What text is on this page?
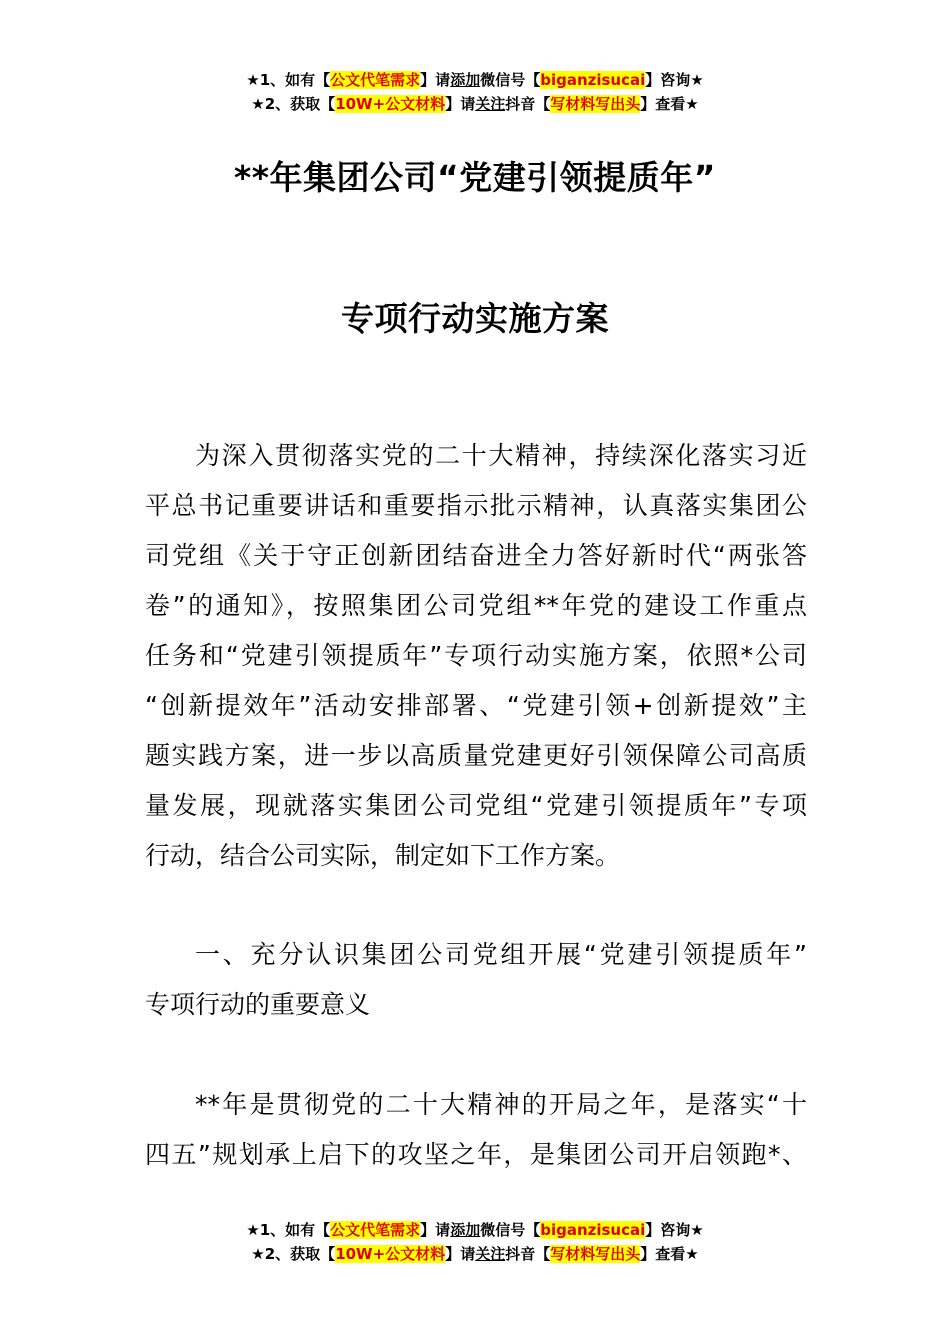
★1、如有【公文代笔需求】请添加微信号【biganzisucai】咨询★
★2、获取【10W+公文材料】请关注抖音【写材料写出头】查看★
**年集团公司“党建引领提质年”
专项行动实施方案

为深入贯彻落实党的二十大精神，持续深化落实习近
平总书记重要讲话和重要指示批示精神，认真落实集团公
司党组《关于守正创新团结奋进全力答好新时代“两张答
卷”的通知》，按照集团公司党组**年党的建设工作重点
任务和“党建引领提质年”专项行动实施方案，依照*公司
“创新提效年”活动安排部署、“党建引领+创新提效”主
题实践方案，进一步以高质量党建更好引领保障公司高质
量发展，现就落实集团公司党组“党建引领提质年”专项
行动，结合公司实际，制定如下工作方案。

一、充分认识集团公司党组开展“党建引领提质年”
专项行动的重要意义

**年是贯彻党的二十大精神的开局之年，是落实“十
四五”规划承上启下的攻坚之年，是集团公司开启领跑*、

★1、如有【公文代笔需求】请添加微信号【biganzisucai】咨询★
★2、获取【10W+公文材料】请关注抖音【写材料写出头】查看★
